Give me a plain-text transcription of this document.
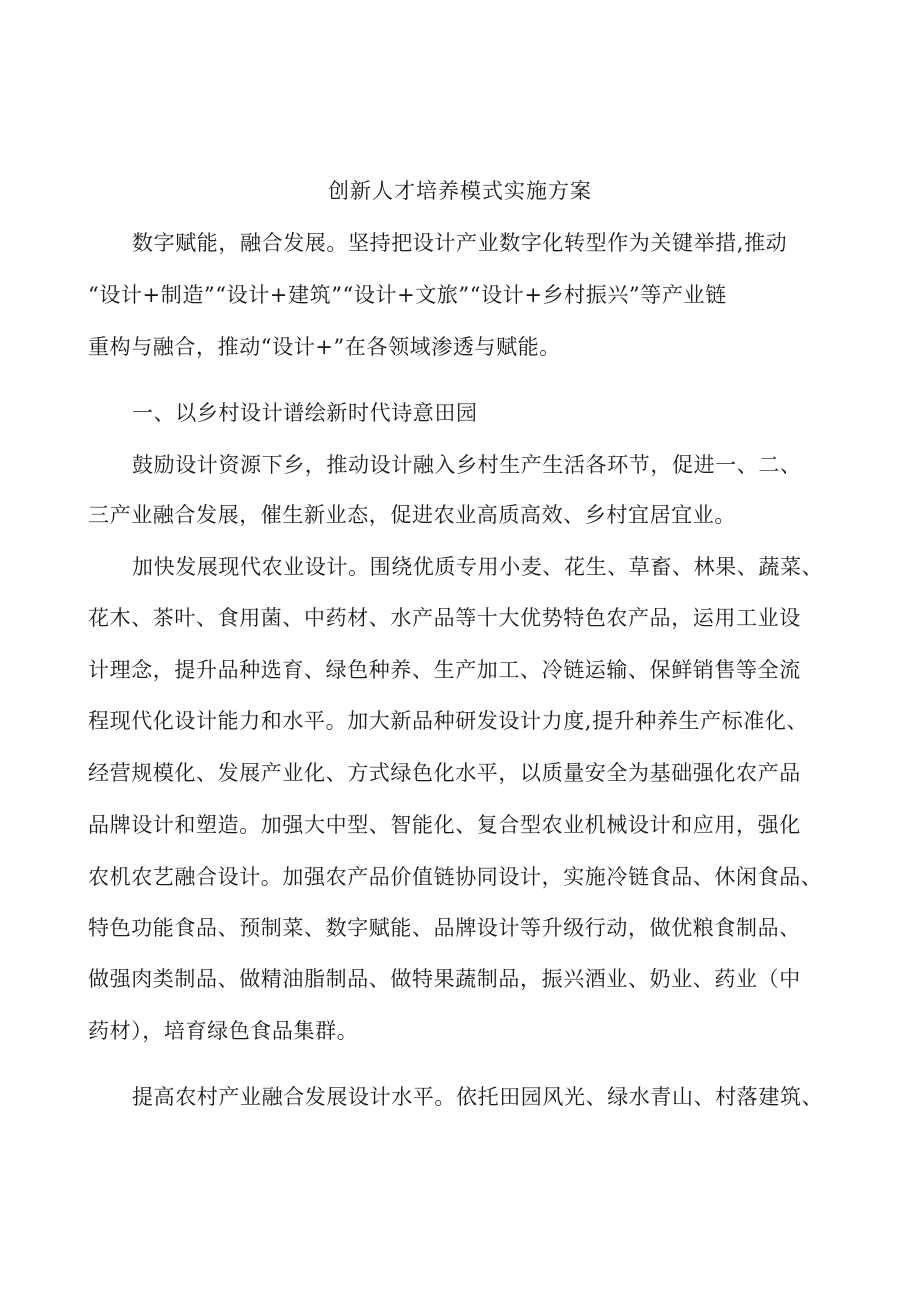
创新人才培养模式实施方案
数字赋能，融合发展。坚持把设计产业数字化转型作为关键举措,推动
“设计+制造”“设计+建筑”“设计+文旅”“设计+乡村振兴”等产业链
重构与融合，推动“设计+”在各领域渗透与赋能。
一、以乡村设计谱绘新时代诗意田园
鼓励设计资源下乡，推动设计融入乡村生产生活各环节，促进一、二、
三产业融合发展，催生新业态，促进农业高质高效、乡村宜居宜业。
加快发展现代农业设计。围绕优质专用小麦、花生、草畜、林果、蔬菜、
花木、茶叶、食用菌、中药材、水产品等十大优势特色农产品，运用工业设
计理念，提升品种选育、绿色种养、生产加工、冷链运输、保鲜销售等全流
程现代化设计能力和水平。加大新品种研发设计力度,提升种养生产标准化、
经营规模化、发展产业化、方式绿色化水平，以质量安全为基础强化农产品
品牌设计和塑造。加强大中型、智能化、复合型农业机械设计和应用，强化
农机农艺融合设计。加强农产品价值链协同设计，实施冷链食品、休闲食品、
特色功能食品、预制菜、数字赋能、品牌设计等升级行动，做优粮食制品、
做强肉类制品、做精油脂制品、做特果蔬制品，振兴酒业、奶业、药业（中
药材），培育绿色食品集群。
提高农村产业融合发展设计水平。依托田园风光、绿水青山、村落建筑、
